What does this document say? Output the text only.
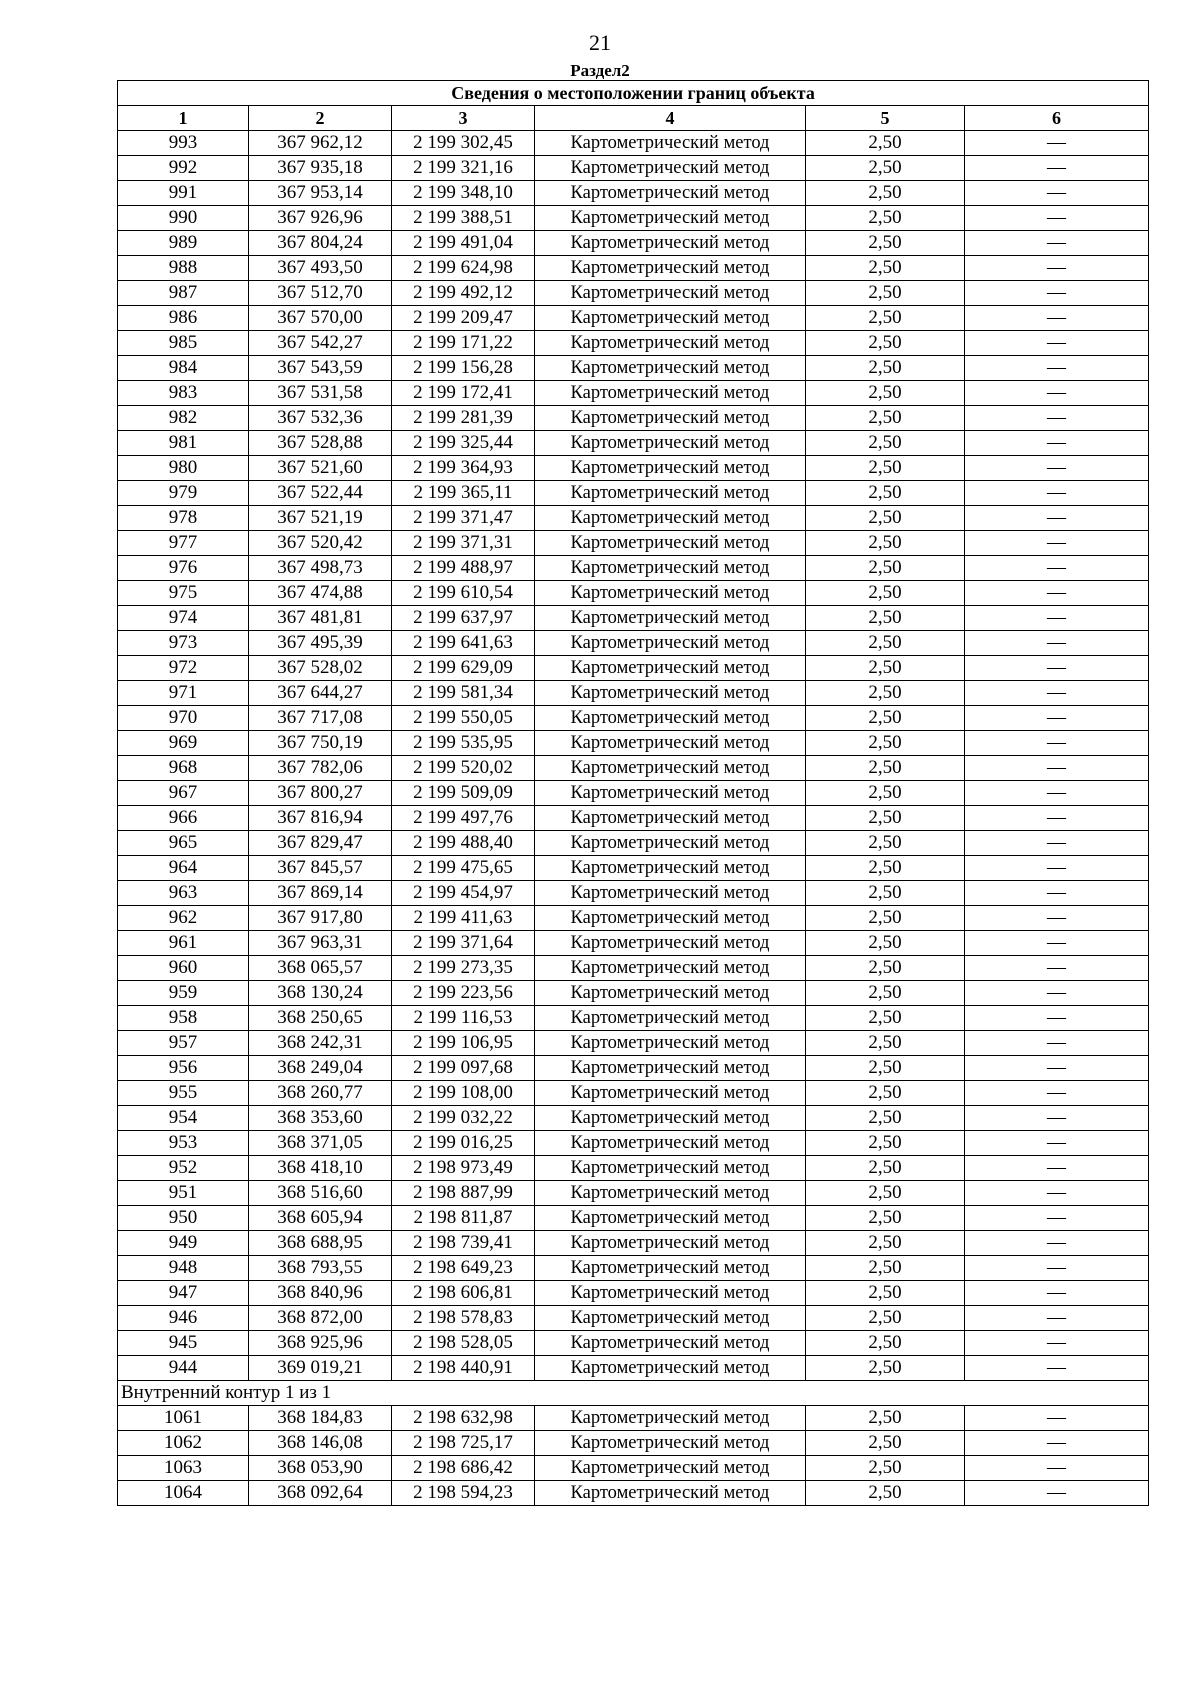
21
Раздел2
Сведения о местоположении границ объекта					
1	2	3	4	5	6
993	367 962,12	2 199 302,45	Картометрический метод	2,50	—
992	367 935,18	2 199 321,16	Картометрический метод	2,50	—
991	367 953,14	2 199 348,10	Картометрический метод	2,50	—
990	367 926,96	2 199 388,51	Картометрический метод	2,50	—
989	367 804,24	2 199 491,04	Картометрический метод	2,50	—
988	367 493,50	2 199 624,98	Картометрический метод	2,50	—
987	367 512,70	2 199 492,12	Картометрический метод	2,50	—
986	367 570,00	2 199 209,47	Картометрический метод	2,50	—
985	367 542,27	2 199 171,22	Картометрический метод	2,50	—
984	367 543,59	2 199 156,28	Картометрический метод	2,50	—
983	367 531,58	2 199 172,41	Картометрический метод	2,50	—
982	367 532,36	2 199 281,39	Картометрический метод	2,50	—
981	367 528,88	2 199 325,44	Картометрический метод	2,50	—
980	367 521,60	2 199 364,93	Картометрический метод	2,50	—
979	367 522,44	2 199 365,11	Картометрический метод	2,50	—
978	367 521,19	2 199 371,47	Картометрический метод	2,50	—
977	367 520,42	2 199 371,31	Картометрический метод	2,50	—
976	367 498,73	2 199 488,97	Картометрический метод	2,50	—
975	367 474,88	2 199 610,54	Картометрический метод	2,50	—
974	367 481,81	2 199 637,97	Картометрический метод	2,50	—
973	367 495,39	2 199 641,63	Картометрический метод	2,50	—
972	367 528,02	2 199 629,09	Картометрический метод	2,50	—
971	367 644,27	2 199 581,34	Картометрический метод	2,50	—
970	367 717,08	2 199 550,05	Картометрический метод	2,50	—
969	367 750,19	2 199 535,95	Картометрический метод	2,50	—
968	367 782,06	2 199 520,02	Картометрический метод	2,50	—
967	367 800,27	2 199 509,09	Картометрический метод	2,50	—
966	367 816,94	2 199 497,76	Картометрический метод	2,50	—
965	367 829,47	2 199 488,40	Картометрический метод	2,50	—
964	367 845,57	2 199 475,65	Картометрический метод	2,50	—
963	367 869,14	2 199 454,97	Картометрический метод	2,50	—
962	367 917,80	2 199 411,63	Картометрический метод	2,50	—
961	367 963,31	2 199 371,64	Картометрический метод	2,50	—
960	368 065,57	2 199 273,35	Картометрический метод	2,50	—
959	368 130,24	2 199 223,56	Картометрический метод	2,50	—
958	368 250,65	2 199 116,53	Картометрический метод	2,50	—
957	368 242,31	2 199 106,95	Картометрический метод	2,50	—
956	368 249,04	2 199 097,68	Картометрический метод	2,50	—
955	368 260,77	2 199 108,00	Картометрический метод	2,50	—
954	368 353,60	2 199 032,22	Картометрический метод	2,50	—
953	368 371,05	2 199 016,25	Картометрический метод	2,50	—
952	368 418,10	2 198 973,49	Картометрический метод	2,50	—
951	368 516,60	2 198 887,99	Картометрический метод	2,50	—
950	368 605,94	2 198 811,87	Картометрический метод	2,50	—
949	368 688,95	2 198 739,41	Картометрический метод	2,50	—
948	368 793,55	2 198 649,23	Картометрический метод	2,50	—
947	368 840,96	2 198 606,81	Картометрический метод	2,50	—
946	368 872,00	2 198 578,83	Картометрический метод	2,50	—
945	368 925,96	2 198 528,05	Картометрический метод	2,50	—
944	369 019,21	2 198 440,91	Картометрический метод	2,50	—
Внутренний контур 1 из 1					
1061	368 184,83	2 198 632,98	Картометрический метод	2,50	—
1062	368 146,08	2 198 725,17	Картометрический метод	2,50	—
1063	368 053,90	2 198 686,42	Картометрический метод	2,50	—
1064	368 092,64	2 198 594,23	Картометрический метод	2,50	—
